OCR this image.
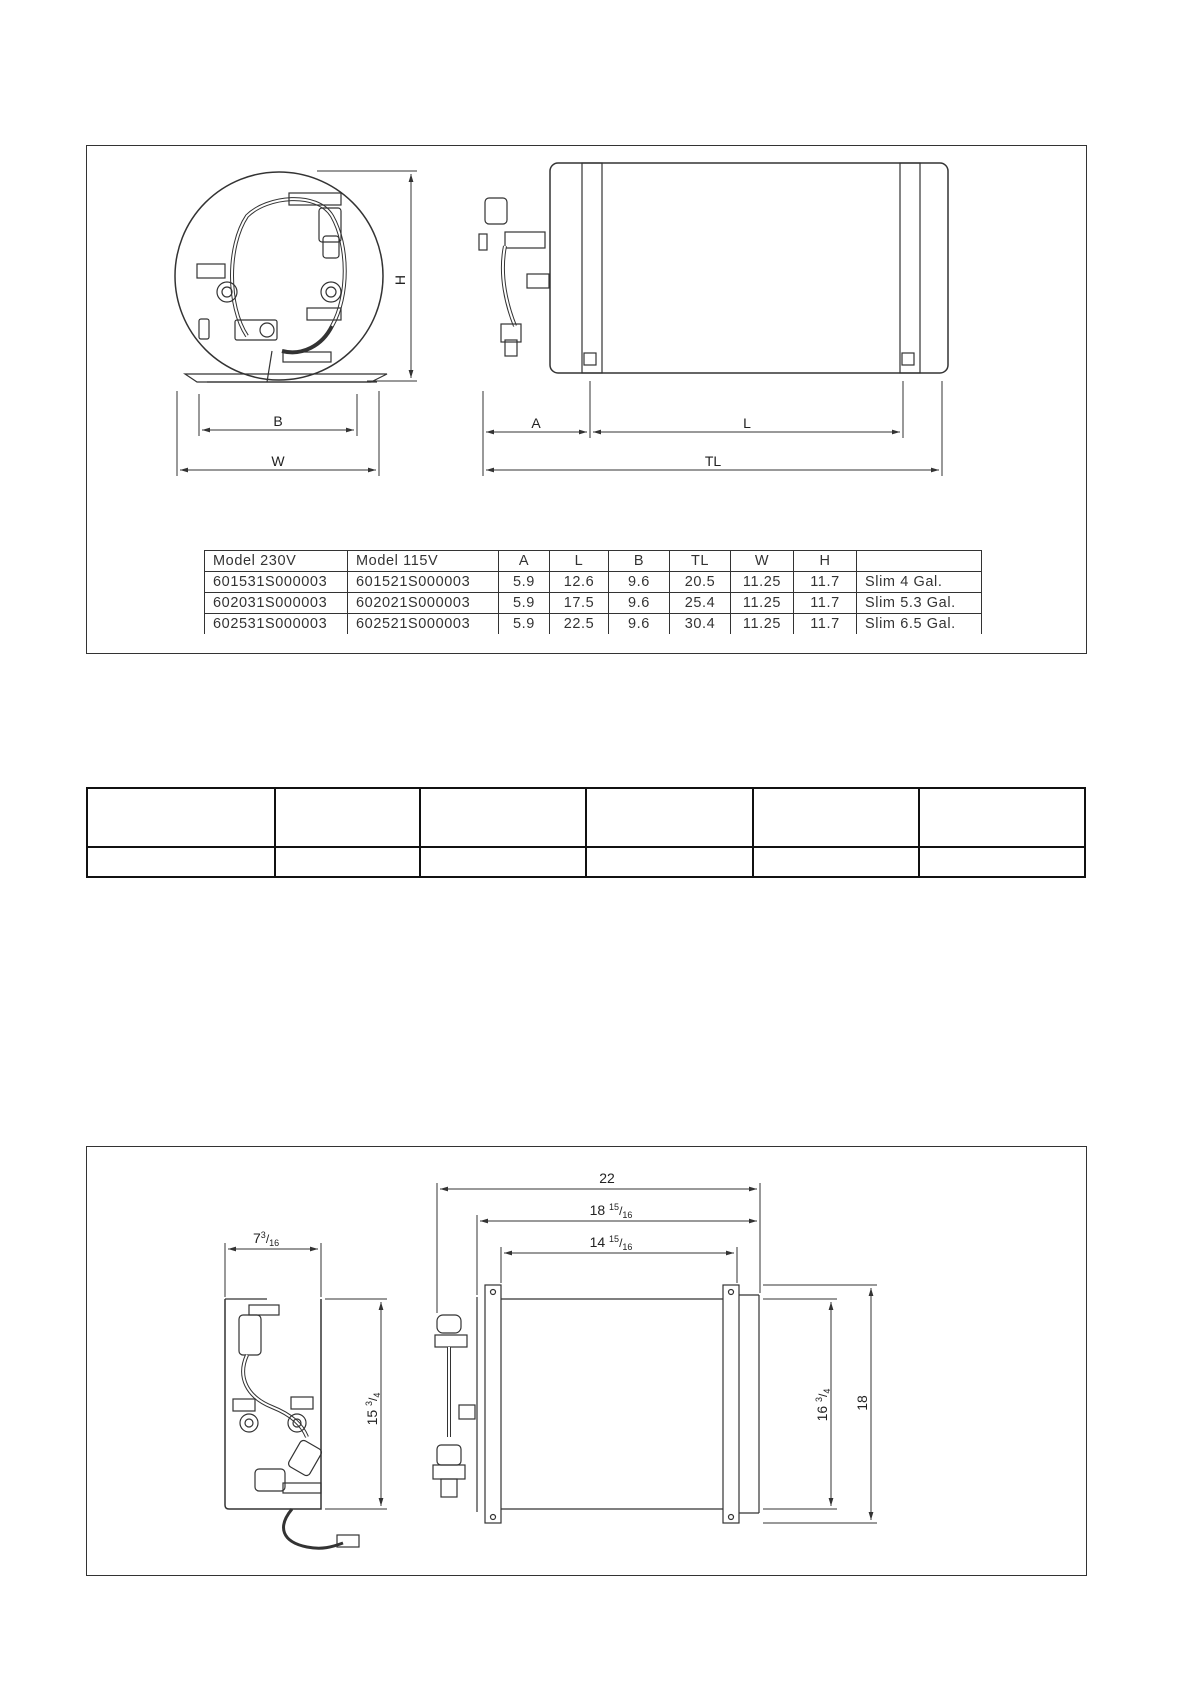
H
B
W
A	L
TL
Model 230V	Model 115V	A	L	B	TL	W	H	
601531S000003	601521S000003	5.9	12.6	9.6	20.5	11.25	11.7	Slim 4 Gal.
602031S000003	602021S000003	5.9	17.5	9.6	25.4	11.25	11.7	Slim 5.3 Gal.
602531S000003	602521S000003	5.9	22.5	9.6	30.4	11.25	11.7	Slim 6.5 Gal.

$7^3/_{16}$
15 $^3/_4$
22
18 $^{15}/_{16}$
14 $^{15}/_{16}$
16 $^3/_4$
18
